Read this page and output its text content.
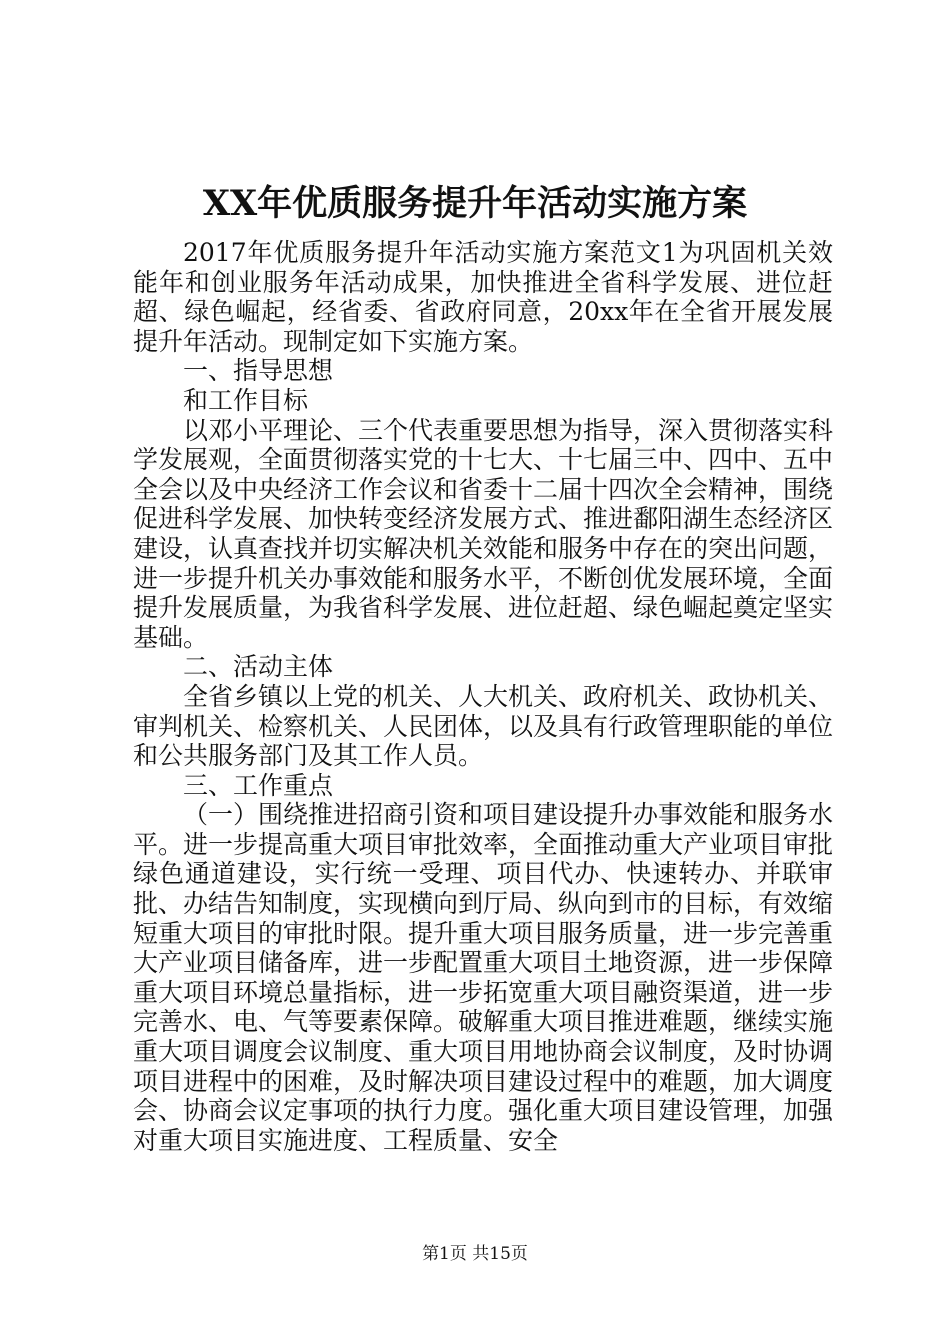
XX年优质服务提升年活动实施方案

2017年优质服务提升年活动实施方案范文1为巩固机关效能年和创业服务年活动成果，加快推进全省科学发展、进位赶超、绿色崛起，经省委、省政府同意，20xx年在全省开展发展提升年活动。现制定如下实施方案。

一、指导思想

和工作目标

以邓小平理论、三个代表重要思想为指导，深入贯彻落实科学发展观，全面贯彻落实党的十七大、十七届三中、四中、五中全会以及中央经济工作会议和省委十二届十四次全会精神，围绕促进科学发展、加快转变经济发展方式、推进鄱阳湖生态经济区建设，认真查找并切实解决机关效能和服务中存在的突出问题，进一步提升机关办事效能和服务水平，不断创优发展环境，全面提升发展质量，为我省科学发展、进位赶超、绿色崛起奠定坚实基础。

二、活动主体

全省乡镇以上党的机关、人大机关、政府机关、政协机关、审判机关、检察机关、人民团体，以及具有行政管理职能的单位和公共服务部门及其工作人员。

三、工作重点

（一）围绕推进招商引资和项目建设提升办事效能和服务水平。进一步提高重大项目审批效率，全面推动重大产业项目审批绿色通道建设，实行统一受理、项目代办、快速转办、并联审批、办结告知制度，实现横向到厅局、纵向到市的目标，有效缩短重大项目的审批时限。提升重大项目服务质量，进一步完善重大产业项目储备库，进一步配置重大项目土地资源，进一步保障重大项目环境总量指标，进一步拓宽重大项目融资渠道，进一步完善水、电、气等要素保障。破解重大项目推进难题，继续实施重大项目调度会议制度、重大项目用地协商会议制度，及时协调项目进程中的困难，及时解决项目建设过程中的难题，加大调度会、协商会议定事项的执行力度。强化重大项目建设管理，加强对重大项目实施进度、工程质量、安全

第1页 共15页
